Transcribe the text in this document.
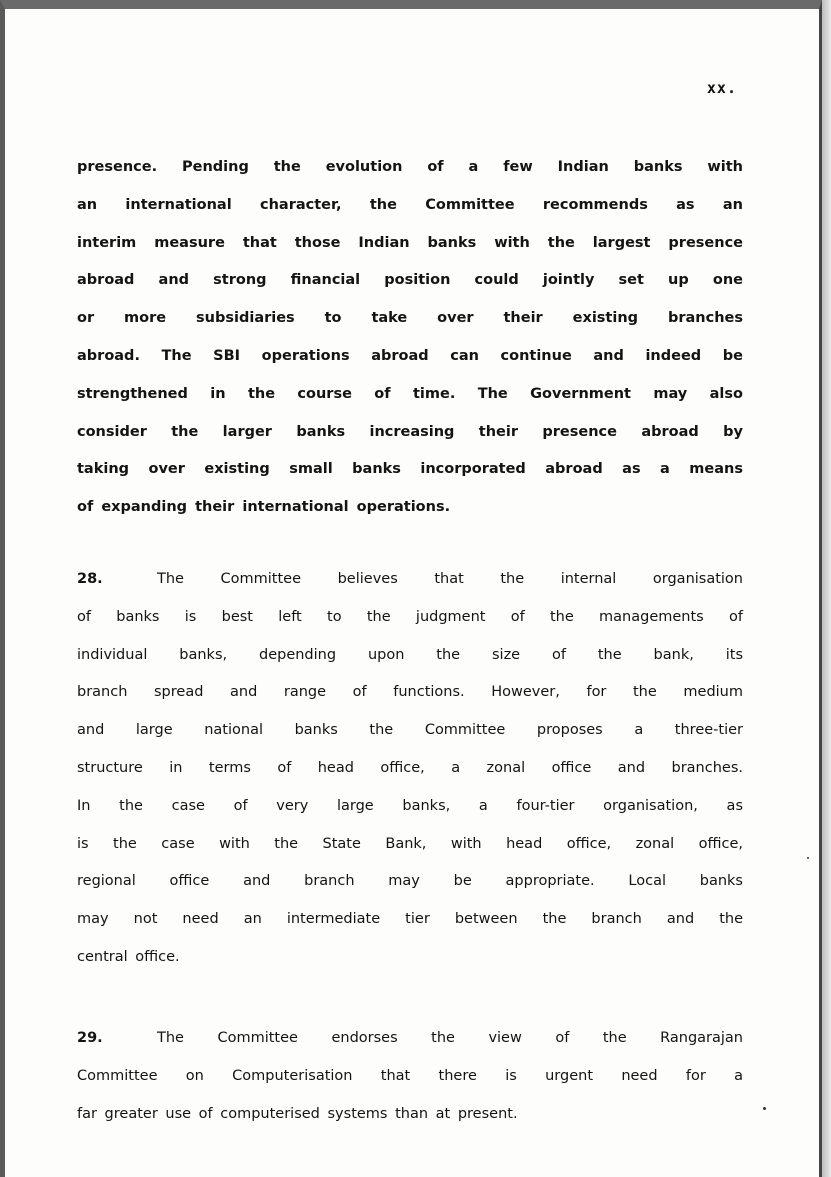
xx.
presence. Pending the evolution of a few Indian banks with
an international character, the Committee recommends as an
interim measure that those Indian banks with the largest presence
abroad and strong financial position could jointly set up one
or more subsidiaries to take over their existing branches
abroad. The SBI operations abroad can continue and indeed be
strengthened in the course of time. The Government may also
consider the larger banks increasing their presence abroad by
taking over existing small banks incorporated abroad as a means
of expanding their international operations.
28.	The Committee believes that the internal organisation
of banks is best left to the judgment of the managements of
individual banks, depending upon the size of the bank, its
branch spread and range of functions. However, for the medium
and large national banks the Committee proposes a three-tier
structure in terms of head office, a zonal office and branches.
In the case of very large banks, a four-tier organisation, as
is the case with the State Bank, with head office, zonal office,
regional office and branch may be appropriate. Local banks
may not need an intermediate tier between the branch and the
central office.
29.	The Committee endorses the view of the Rangarajan
Committee on Computerisation that there is urgent need for a
far greater use of computerised systems than at present.
